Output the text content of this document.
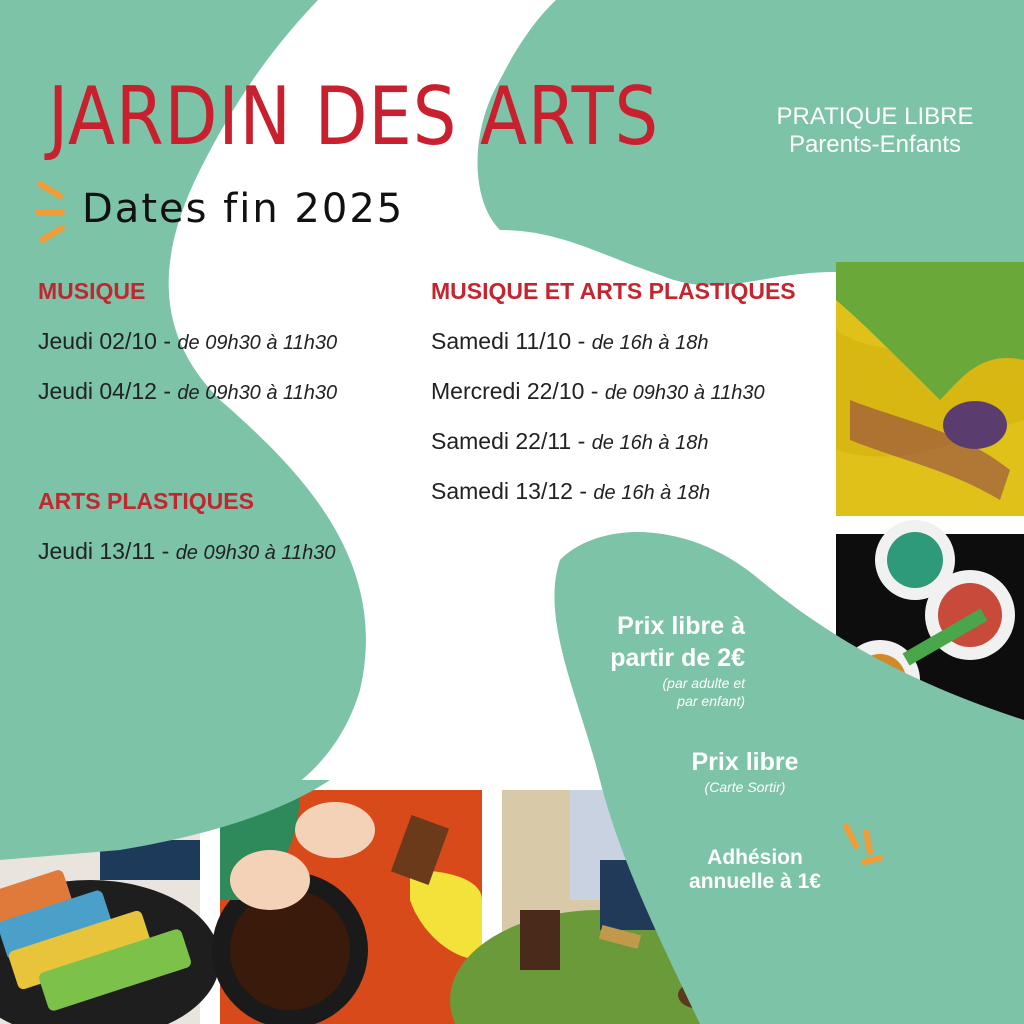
JARDIN DES ARTS
Dates fin 2025
PRATIQUE LIBRE
Parents-Enfants
MUSIQUE
Jeudi 02/10 - de 09h30 à 11h30
Jeudi 04/12 - de 09h30 à 11h30
ARTS PLASTIQUES
Jeudi 13/11 - de 09h30 à 11h30
MUSIQUE ET ARTS PLASTIQUES
Samedi 11/10 - de 16h à 18h
Mercredi 22/10 - de 09h30 à 11h30
Samedi 22/11 - de 16h à 18h
Samedi 13/12 - de 16h à 18h
Prix libre à
partir de 2€
(par adulte et
par enfant)
Prix libre
(Carte Sortir)
Adhésion
annuelle à 1€
